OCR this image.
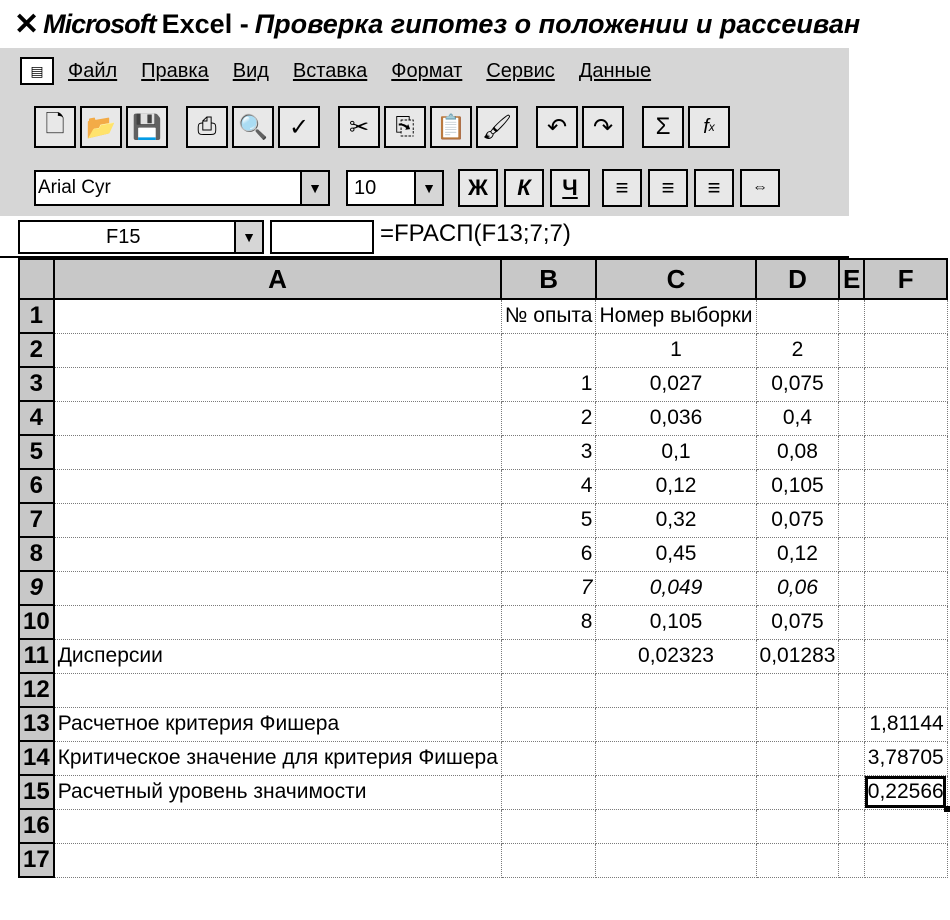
✕ Microsoft Excel - Проверка гипотез о положении и рассеиван
▤	Файл Правка Вид Вставка Формат Сервис Данные
🗋 📂 💾	⎙ 🔍 ✓	✂	⎘ 📋 🖌	↶	↷	Σ	f x
Arial Cyr	▼	10	▼	Ж	К	Ч	≡	≡	≡	⇔
F15	▼	=FPACП(F13;7;7)
	A	B	C	D	E	F
1		№ опыта	Номер выборки			
2			1	2		
3		1	0,027	0,075		
4		2	0,036	0,4		
5		3	0,1	0,08		
6		4	0,12	0,105		
7		5	0,32	0,075		
8		6	0,45	0,12		
9		7	0,049	0,06		
10		8	0,105	0,075		
11	Дисперсии		0,02323	0,01283		
12						
13	Расчетное критерия Фишера					1,81144
14	Критическое значение для критерия Фишера					3,78705
15	Расчетный уровень значимости					0,22566
16						
17						
